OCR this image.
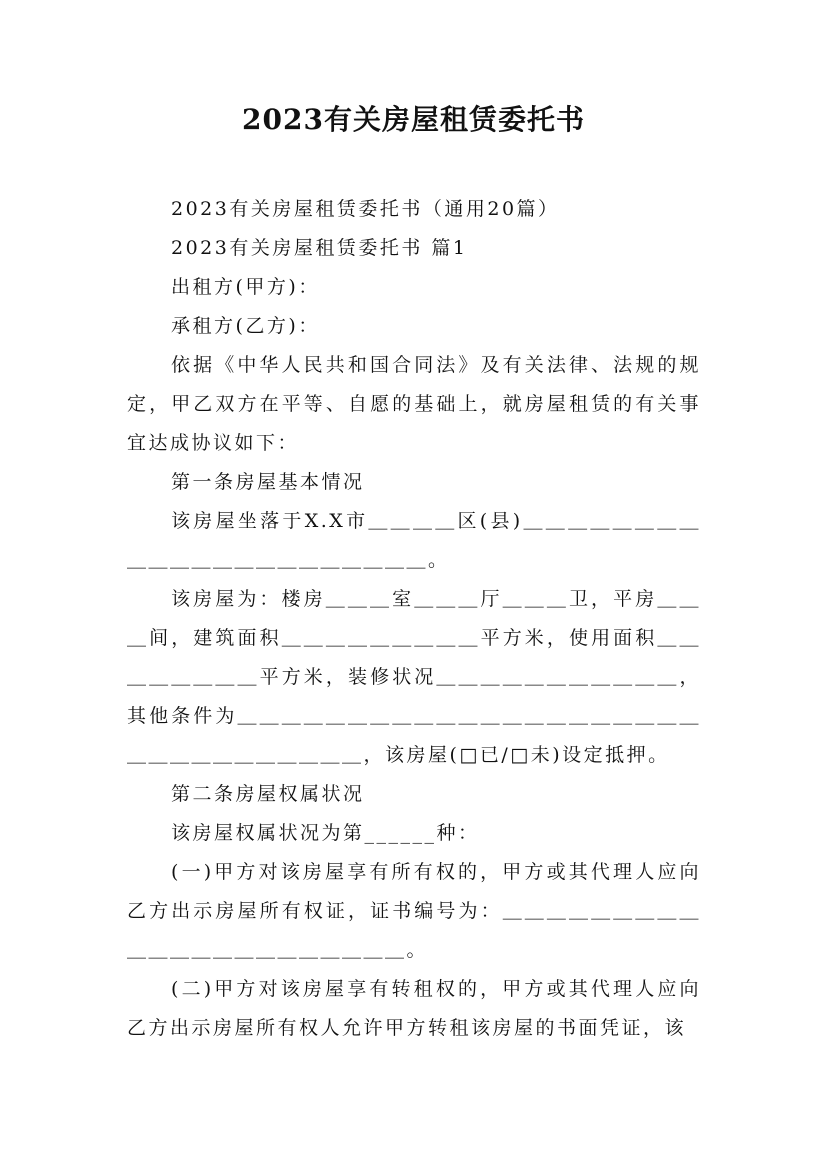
2023有关房屋租赁委托书

2023有关房屋租赁委托书（通用20篇）

2023有关房屋租赁委托书 篇1

出租方(甲方)：

承租方(乙方)：

依据《中华人民共和国合同法》及有关法律、法规的规定，甲乙双方在平等、自愿的基础上，就房屋租赁的有关事宜达成协议如下：

第一条房屋基本情况

该房屋坐落于X.X市＿＿＿＿区(县)＿＿＿＿＿＿＿＿＿＿＿＿＿＿＿＿＿＿＿＿＿＿。

该房屋为：楼房＿＿＿室＿＿＿厅＿＿＿卫，平房＿＿＿间，建筑面积＿＿＿＿＿＿＿＿＿平方米，使用面积＿＿＿＿＿＿＿＿平方米，装修状况＿＿＿＿＿＿＿＿＿＿＿，其他条件为＿＿＿＿＿＿＿＿＿＿＿＿＿＿＿＿＿＿＿＿＿＿＿＿＿＿＿＿＿＿＿＿，该房屋(□已/□未)设定抵押。

第二条房屋权属状况

该房屋权属状况为第______种：

(一)甲方对该房屋享有所有权的，甲方或其代理人应向乙方出示房屋所有权证，证书编号为：＿＿＿＿＿＿＿＿＿＿＿＿＿＿＿＿＿＿＿＿＿＿。

(二)甲方对该房屋享有转租权的，甲方或其代理人应向乙方出示房屋所有权人允许甲方转租该房屋的书面凭证，该
